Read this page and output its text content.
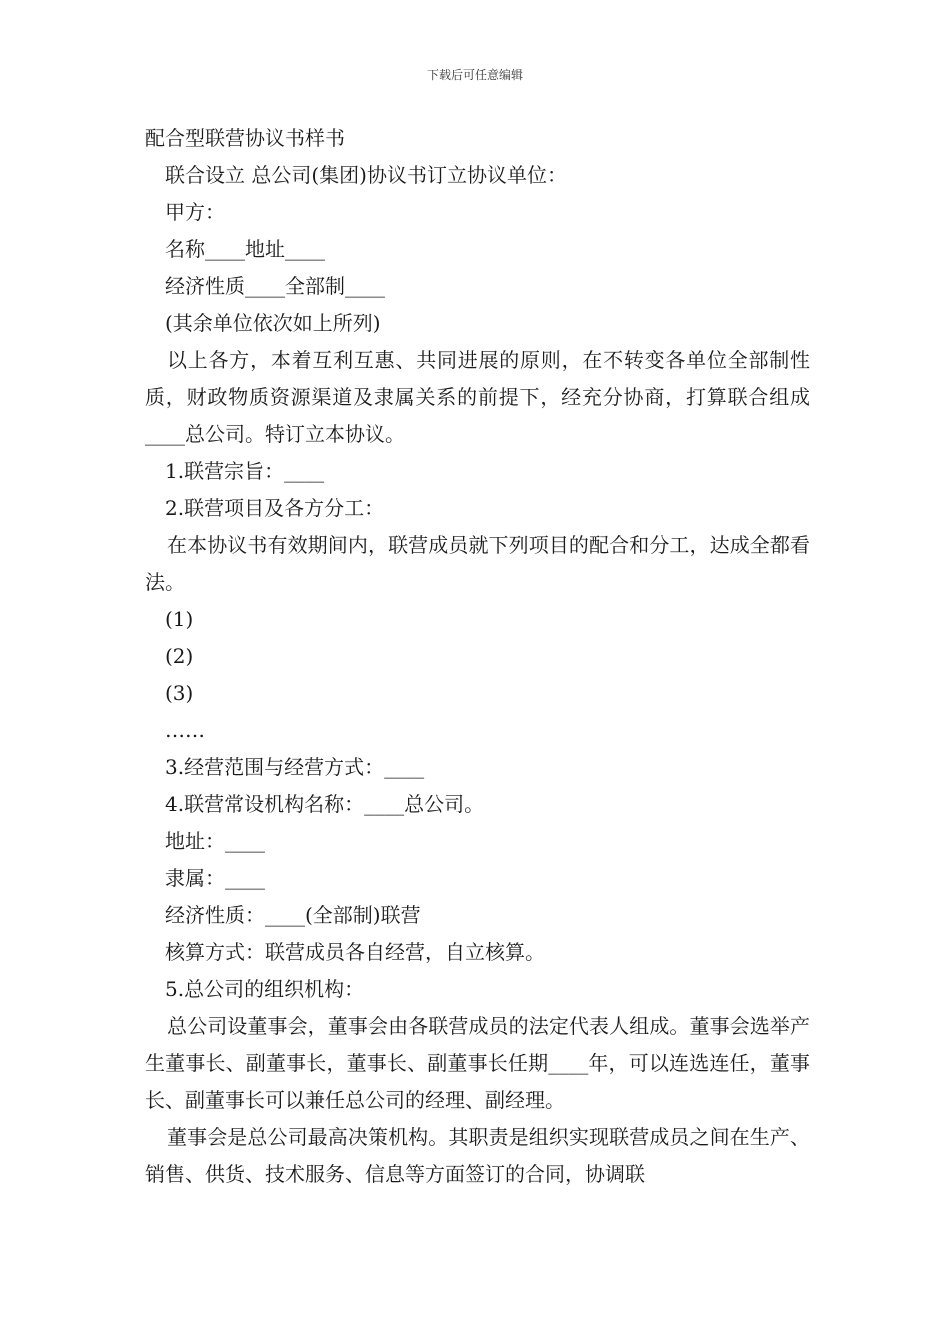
下载后可任意编辑
配合型联营协议书样书
联合设立 总公司(集团)协议书订立协议单位：
甲方：
名称____地址____
经济性质____全部制____
(其余单位依次如上所列)

以上各方，本着互利互惠、共同进展的原则，在不转变各单位全部制性质，财政物质资源渠道及隶属关系的前提下，经充分协商，打算联合组成____总公司。特订立本协议。

1.联营宗旨：____
2.联营项目及各方分工：

在本协议书有效期间内，联营成员就下列项目的配合和分工，达成全都看法。

(1)
(2)
(3)
……
3.经营范围与经营方式：____
4.联营常设机构名称：____总公司。
地址：____
隶属：____
经济性质：____(全部制)联营
核算方式：联营成员各自经营，自立核算。
5.总公司的组织机构：

总公司设董事会，董事会由各联营成员的法定代表人组成。董事会选举产生董事长、副董事长，董事长、副董事长任期____年，可以连选连任，董事长、副董事长可以兼任总公司的经理、副经理。

董事会是总公司最高决策机构。其职责是组织实现联营成员之间在生产、销售、供货、技术服务、信息等方面签订的合同，协调联
